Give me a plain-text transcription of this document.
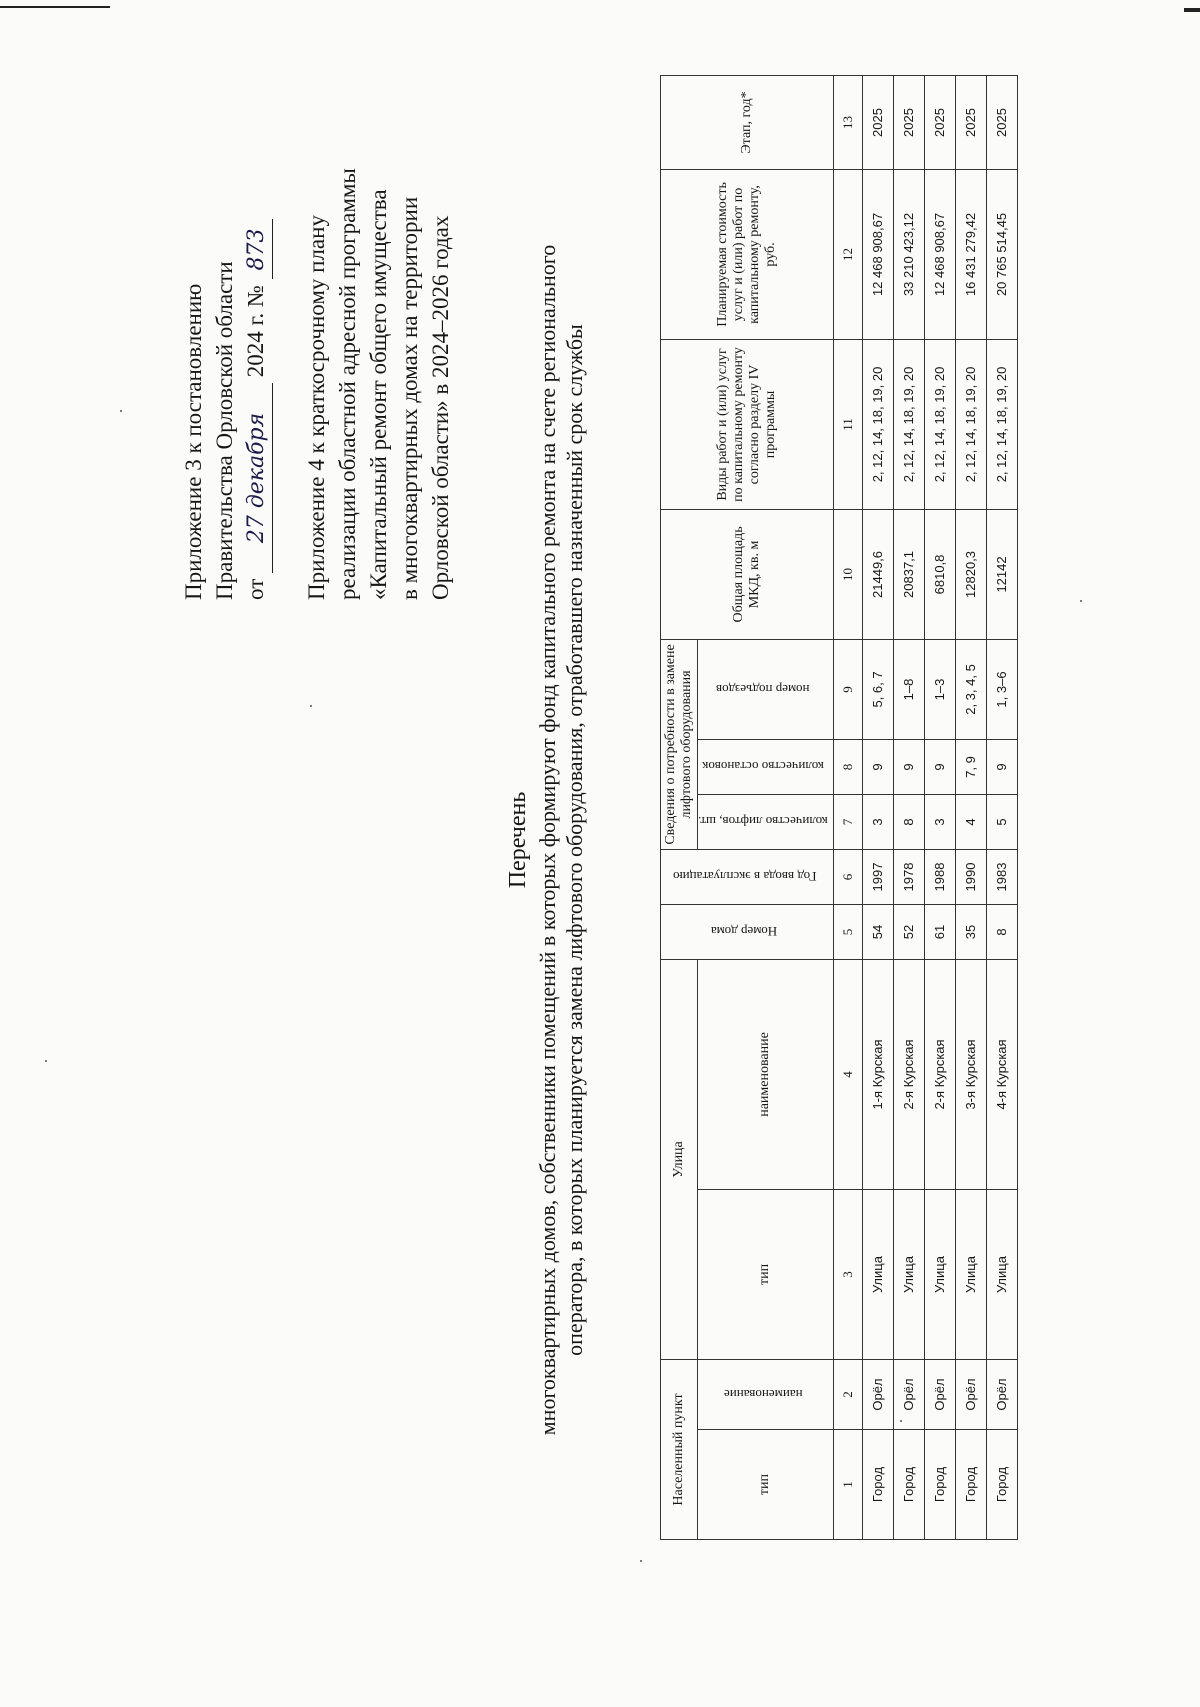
Приложение 3 к постановлению Правительства Орловской области от 27 декабря 2024 г. № 873 Приложение 4 к краткосрочному плану реализации областной адресной программы «Капитальный ремонт общего имущества в многоквартирных домах на территории Орловской области» в 2024–2026 годах
Перечень многоквартирных домов, собственники помещений в которых формируют фонд капитального ремонта на счете регионального оператора, в которых планируется замена лифтового оборудования, отработавшего назначенный срок службы
Населенный пункт		Улица		Номер дома	Год ввода в эксплуатацию	Сведения о потребности в замене лифтового оборудования			Общая площадь МКД, кв. м	Виды работ и (или) услуг по капитальному ремонту согласно разделу IV программы	Планируемая стоимость услуг и (или) работ по капитальному ремонту, руб.	Этап, год*
тип	наименование	тип	наименование			количество лифтов, шт.	количество остановок	номер подъездов				

1	2	3	4	5	6	7	8	9	10	11	12	13
Город	Орёл	Улица	1-я Курская	54	1997	3	9	5, 6, 7	21449,6	2, 12, 14, 18, 19, 20	12 468 908,67	2025
Город	Орёл	Улица	2-я Курская	52	1978	8	9	1–8	20837,1	2, 12, 14, 18, 19, 20	33 210 423,12	2025
Город	Орёл	Улица	2-я Курская	61	1988	3	9	1–3	6810,8	2, 12, 14, 18, 19, 20	12 468 908,67	2025
Город	Орёл	Улица	3-я Курская	35	1990	4	7, 9	2, 3, 4, 5	12820,3	2, 12, 14, 18, 19, 20	16 431 279,42	2025
Город	Орёл	Улица	4-я Курская	8	1983	5	9	1, 3–6	12142	2, 12, 14, 18, 19, 20	20 765 514,45	2025
